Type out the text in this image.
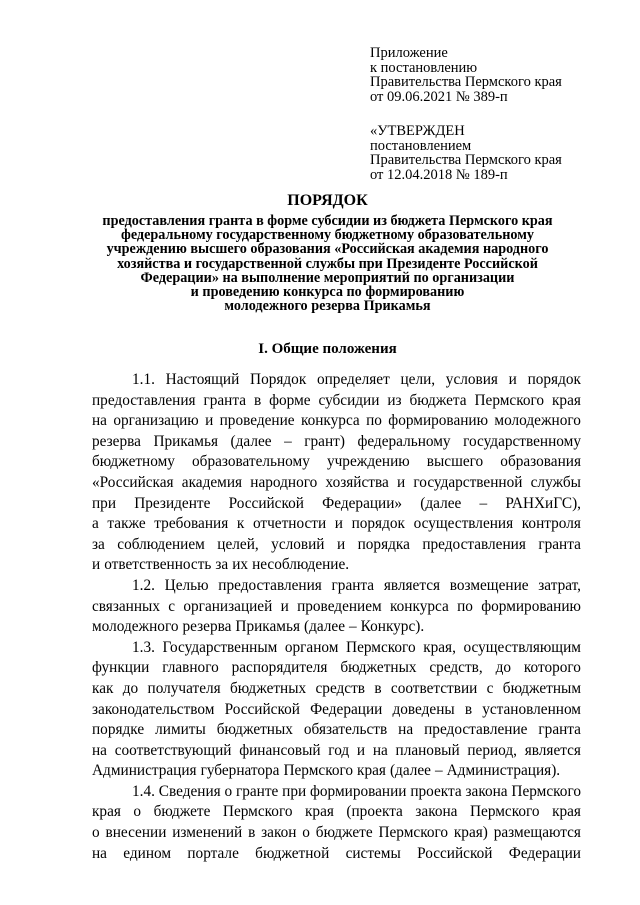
Приложение
к постановлению
Правительства Пермского края
от 09.06.2021 № 389-п
«УТВЕРЖДЕН
постановлением
Правительства Пермского края
от 12.04.2018 № 189-п
ПОРЯДОК
предоставления гранта в форме субсидии из бюджета Пермского края
федеральному государственному бюджетному образовательному
учреждению высшего образования «Российская академия народного
хозяйства и государственной службы при Президенте Российской
Федерации» на выполнение мероприятий по организации
и проведению конкурса по формированию
молодежного резерва Прикамья
I. Общие положения
1.1. Настоящий Порядок определяет цели, условия и порядок
предоставления гранта в форме субсидии из бюджета Пермского края
на организацию и проведение конкурса по формированию молодежного
резерва Прикамья (далее – грант) федеральному государственному
бюджетному образовательному учреждению высшего образования
«Российская академия народного хозяйства и государственной службы
при Президенте Российской Федерации» (далее – РАНХиГС),
а также требования к отчетности и порядок осуществления контроля
за соблюдением целей, условий и порядка предоставления гранта
и ответственность за их несоблюдение.
1.2. Целью предоставления гранта является возмещение затрат,
связанных с организацией и проведением конкурса по формированию
молодежного резерва Прикамья (далее – Конкурс).
1.3. Государственным органом Пермского края, осуществляющим
функции главного распорядителя бюджетных средств, до которого
как до получателя бюджетных средств в соответствии с бюджетным
законодательством Российской Федерации доведены в установленном
порядке лимиты бюджетных обязательств на предоставление гранта
на соответствующий финансовый год и на плановый период, является
Администрация губернатора Пермского края (далее – Администрация).
1.4. Сведения о гранте при формировании проекта закона Пермского
края о бюджете Пермского края (проекта закона Пермского края
о внесении изменений в закон о бюджете Пермского края) размещаются
на едином портале бюджетной системы Российской Федерации
